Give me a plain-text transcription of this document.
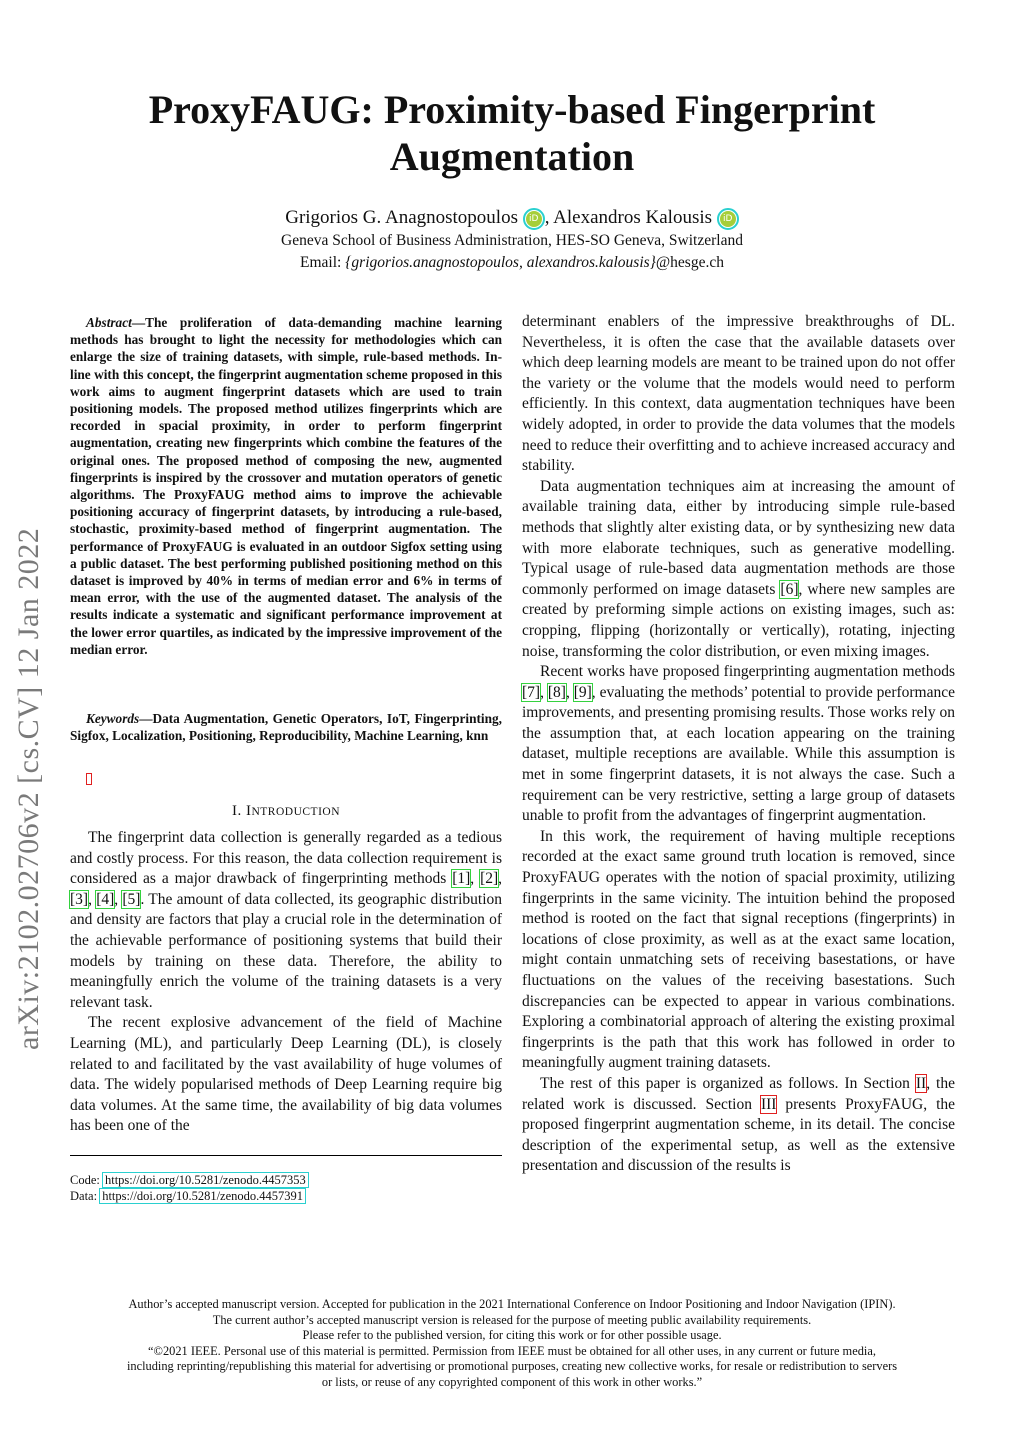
arXiv:2102.02706v2 [cs.CV] 12 Jan 2022
ProxyFAUG: Proximity-based Fingerprint Augmentation
Grigorios G. Anagnostopoulos iD , Alexandros Kalousis iD
Geneva School of Business Administration, HES-SO Geneva, Switzerland
Email: {grigorios.anagnostopoulos, alexandros.kalousis}@hesge.ch
Abstract—The proliferation of data-demanding machine learning methods has brought to light the necessity for methodologies which can enlarge the size of training datasets, with simple, rule-based methods. In-line with this concept, the fingerprint augmentation scheme proposed in this work aims to augment fingerprint datasets which are used to train positioning models. The proposed method utilizes fingerprints which are recorded in spacial proximity, in order to perform fingerprint augmentation, creating new fingerprints which combine the features of the original ones. The proposed method of composing the new, augmented fingerprints is inspired by the crossover and mutation operators of genetic algorithms. The ProxyFAUG method aims to improve the achievable positioning accuracy of fingerprint datasets, by introducing a rule-based, stochastic, proximity-based method of fingerprint augmentation. The performance of ProxyFAUG is evaluated in an outdoor Sigfox setting using a public dataset. The best performing published positioning method on this dataset is improved by 40% in terms of median error and 6% in terms of mean error, with the use of the augmented dataset. The analysis of the results indicate a systematic and significant performance improvement at the lower error quartiles, as indicated by the impressive improvement of the median error.
Keywords—Data Augmentation, Genetic Operators, IoT, Fingerprinting, Sigfox, Localization, Positioning, Reproducibility, Machine Learning, knn
I. INTRODUCTION

The fingerprint data collection is generally regarded as a tedious and costly process. For this reason, the data collection requirement is considered as a major drawback of fingerprinting methods [1], [2], [3], [4], [5]. The amount of data collected, its geographic distribution and density are factors that play a crucial role in the determination of the achievable performance of positioning systems that build their models by training on these data. Therefore, the ability to meaningfully enrich the volume of the training datasets is a very relevant task.

The recent explosive advancement of the field of Machine Learning (ML), and particularly Deep Learning (DL), is closely related to and facilitated by the vast availability of huge volumes of data. The widely popularised methods of Deep Learning require big data volumes. At the same time, the availability of big data volumes has been one of the

Code: https://doi.org/10.5281/zenodo.4457353
Data: https://doi.org/10.5281/zenodo.4457391

determinant enablers of the impressive breakthroughs of DL. Nevertheless, it is often the case that the available datasets over which deep learning models are meant to be trained upon do not offer the variety or the volume that the models would need to perform efficiently. In this context, data augmentation techniques have been widely adopted, in order to provide the data volumes that the models need to reduce their overfitting and to achieve increased accuracy and stability.

Data augmentation techniques aim at increasing the amount of available training data, either by introducing simple rule-based methods that slightly alter existing data, or by synthesizing new data with more elaborate techniques, such as generative modelling. Typical usage of rule-based data augmentation methods are those commonly performed on image datasets [6], where new samples are created by preforming simple actions on existing images, such as: cropping, flipping (horizontally or vertically), rotating, injecting noise, transforming the color distribution, or even mixing images.

Recent works have proposed fingerprinting augmentation methods [7], [8], [9], evaluating the methods’ potential to provide performance improvements, and presenting promising results. Those works rely on the assumption that, at each location appearing on the training dataset, multiple receptions are available. While this assumption is met in some fingerprint datasets, it is not always the case. Such a requirement can be very restrictive, setting a large group of datasets unable to profit from the advantages of fingerprint augmentation.

In this work, the requirement of having multiple receptions recorded at the exact same ground truth location is removed, since ProxyFAUG operates with the notion of spacial proximity, utilizing fingerprints in the same vicinity. The intuition behind the proposed method is rooted on the fact that signal receptions (fingerprints) in locations of close proximity, as well as at the exact same location, might contain unmatching sets of receiving basestations, or have fluctuations on the values of the receiving basestations. Such discrepancies can be expected to appear in various combinations. Exploring a combinatorial approach of altering the existing proximal fingerprints is the path that this work has followed in order to meaningfully augment training datasets.

The rest of this paper is organized as follows. In Section II, the related work is discussed. Section III presents ProxyFAUG, the proposed fingerprint augmentation scheme, in its detail. The concise description of the experimental setup, as well as the extensive presentation and discussion of the results is

Author’s accepted manuscript version. Accepted for publication in the 2021 International Conference on Indoor Positioning and Indoor Navigation (IPIN).
The current author’s accepted manuscript version is released for the purpose of meeting public availability requirements.
Please refer to the published version, for citing this work or for other possible usage.
“©2021 IEEE. Personal use of this material is permitted. Permission from IEEE must be obtained for all other uses, in any current or future media,
including reprinting/republishing this material for advertising or promotional purposes, creating new collective works, for resale or redistribution to servers
or lists, or reuse of any copyrighted component of this work in other works.”
